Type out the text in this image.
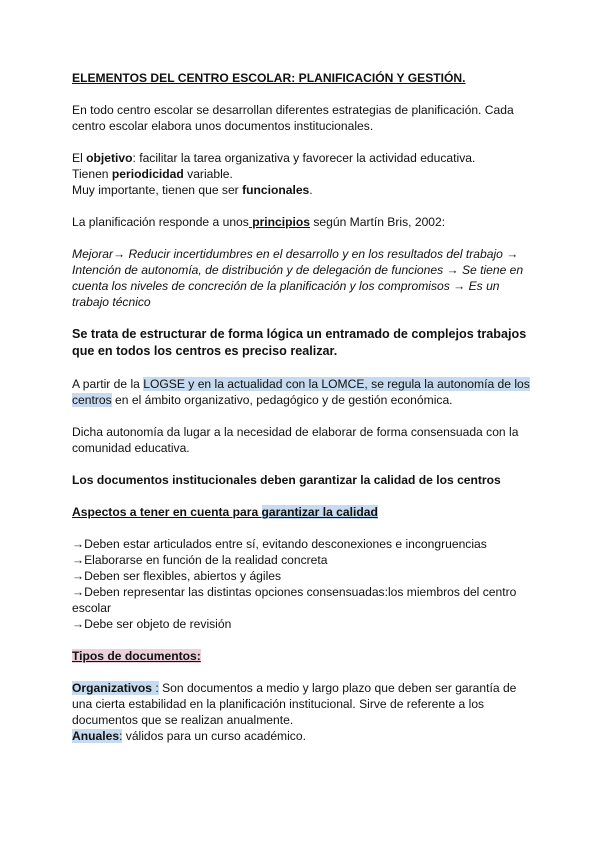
ELEMENTOS DEL CENTRO ESCOLAR: PLANIFICACIÓN Y GESTIÓN.

En todo centro escolar se desarrollan diferentes estrategias de planificación. Cada centro escolar elabora unos documentos institucionales.

El objetivo: facilitar la tarea organizativa y favorecer la actividad educativa.

Tienen periodicidad variable.

Muy importante, tienen que ser funcionales.

La planificación responde a unos principios según Martín Bris, 2002:

Mejorar→ Reducir incertidumbres en el desarrollo y en los resultados del trabajo → Intención de autonomía, de distribución y de delegación de funciones → Se tiene en cuenta los niveles de concreción de la planificación y los compromisos → Es un trabajo técnico

Se trata de estructurar de forma lógica un entramado de complejos trabajos que en todos los centros es preciso realizar.

A partir de la LOGSE y en la actualidad con la LOMCE, se regula la autonomía de los centros en el ámbito organizativo, pedagógico y de gestión económica.

Dicha autonomía da lugar a la necesidad de elaborar de forma consensuada con la comunidad educativa.

Los documentos institucionales deben garantizar la calidad de los centros

Aspectos a tener en cuenta para garantizar la calidad

→Deben estar articulados entre sí, evitando desconexiones e incongruencias

→Elaborarse en función de la realidad concreta

→Deben ser flexibles, abiertos y ágiles

→Deben representar las distintas opciones consensuadas:los miembros del centro escolar

→Debe ser objeto de revisión

Tipos de documentos:

Organizativos : Son documentos a medio y largo plazo que deben ser garantía de una cierta estabilidad en la planificación institucional. Sirve de referente a los documentos que se realizan anualmente.

Anuales: válidos para un curso académico.
